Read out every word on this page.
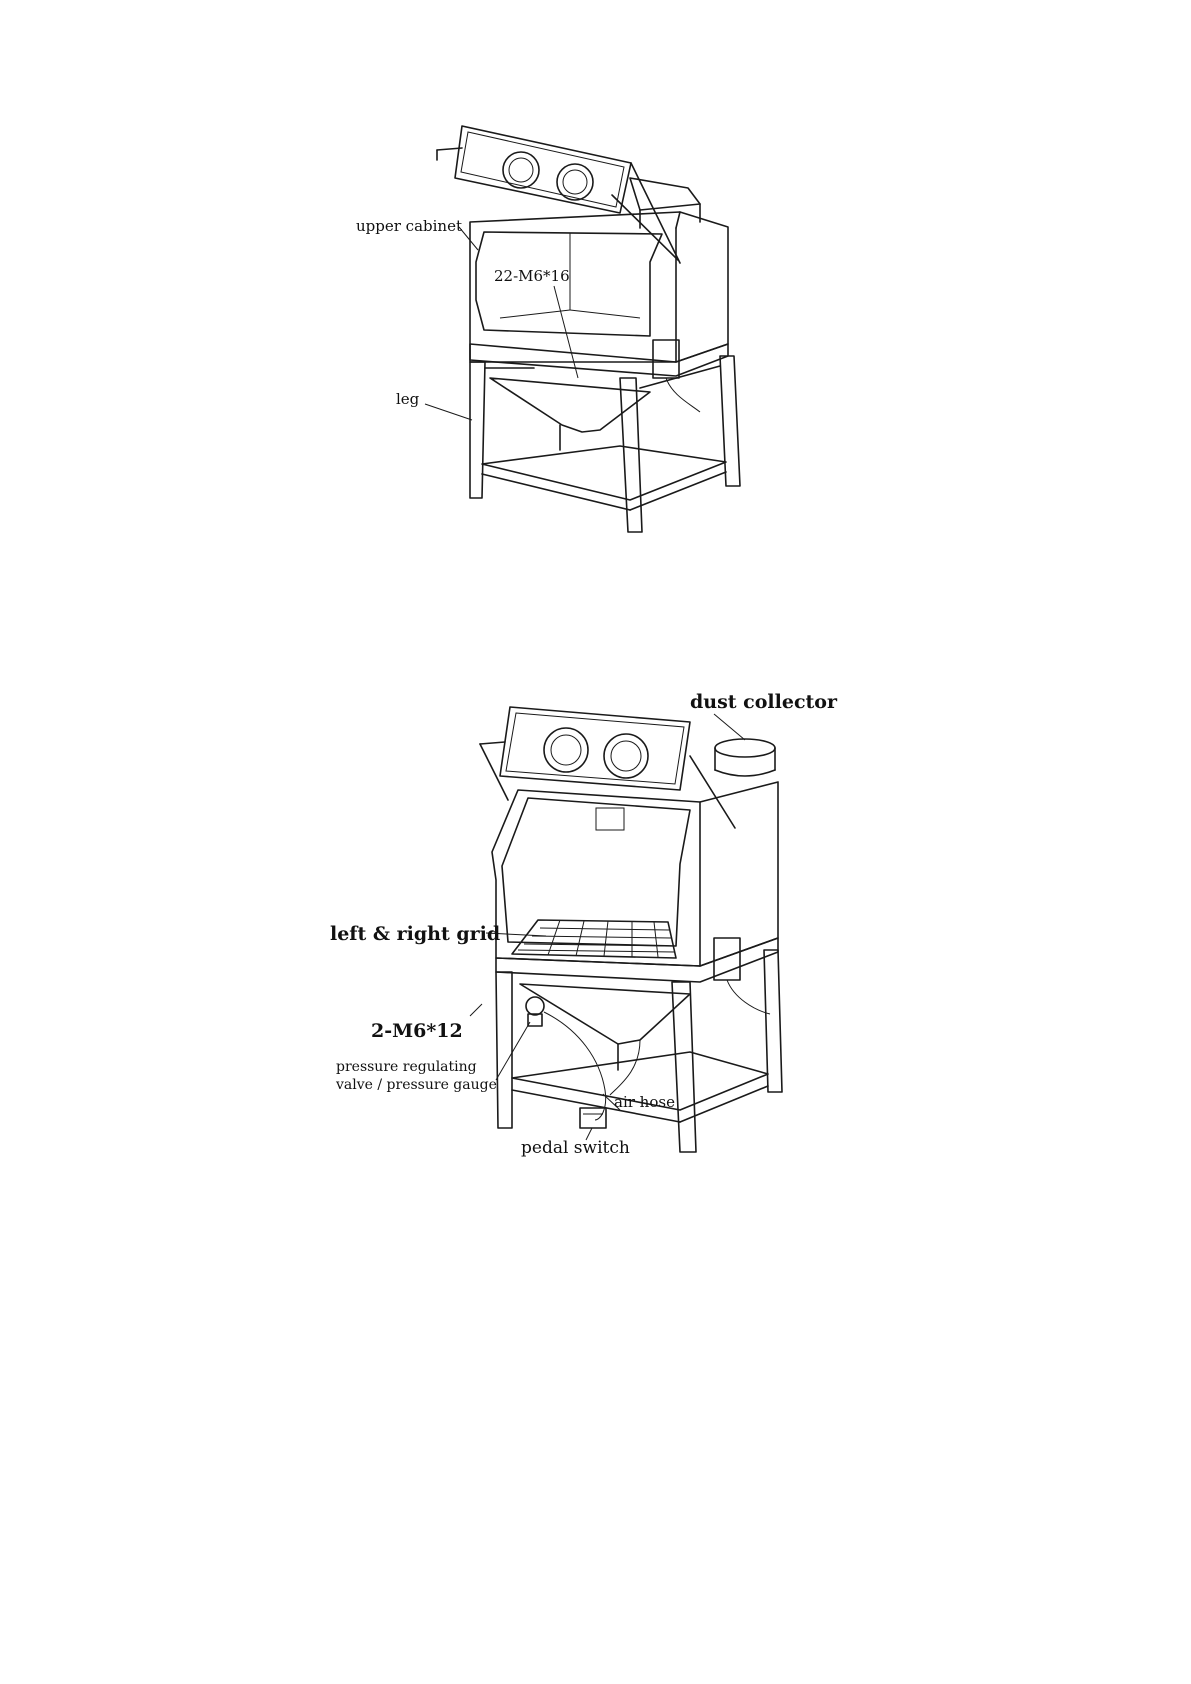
upper cabinet
22-M6*16
leg
dust collector
left & right grid
2-M6*12
pressure regulating
valve / pressure gauge
air hose
pedal switch
